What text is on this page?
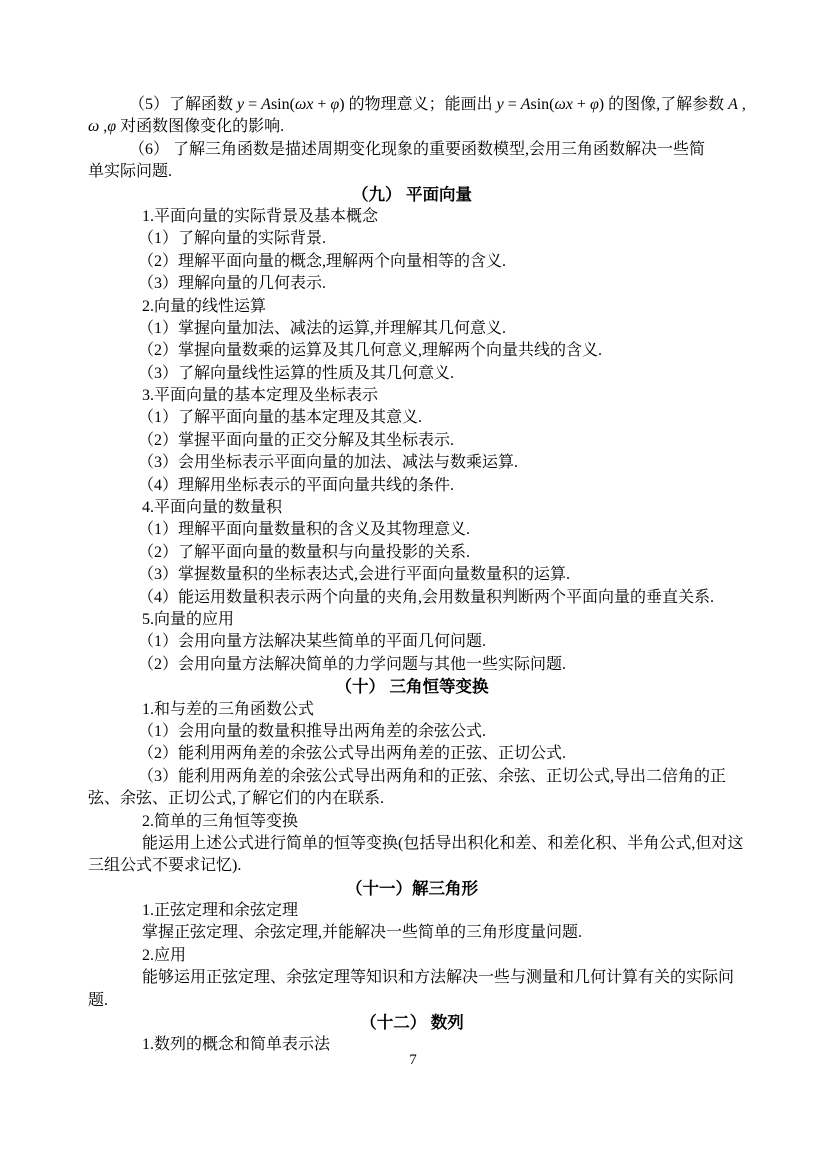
（5）了解函数 y = Asin(ωx + φ) 的物理意义；能画出 y = Asin(ωx + φ) 的图像,了解参数 A ,
ω ,φ 对函数图像变化的影响.
（6） 了解三角函数是描述周期变化现象的重要函数模型,会用三角函数解决一些简
单实际问题.
（九） 平面向量
1.平面向量的实际背景及基本概念
（1）了解向量的实际背景.
（2）理解平面向量的概念,理解两个向量相等的含义.
（3）理解向量的几何表示.
2.向量的线性运算
（1）掌握向量加法、减法的运算,并理解其几何意义.
（2）掌握向量数乘的运算及其几何意义,理解两个向量共线的含义.
（3）了解向量线性运算的性质及其几何意义.
3.平面向量的基本定理及坐标表示
（1）了解平面向量的基本定理及其意义.
（2）掌握平面向量的正交分解及其坐标表示.
（3）会用坐标表示平面向量的加法、减法与数乘运算.
（4）理解用坐标表示的平面向量共线的条件.
4.平面向量的数量积
（1）理解平面向量数量积的含义及其物理意义.
（2）了解平面向量的数量积与向量投影的关系.
（3）掌握数量积的坐标表达式,会进行平面向量数量积的运算.
（4）能运用数量积表示两个向量的夹角,会用数量积判断两个平面向量的垂直关系.
5.向量的应用
（1）会用向量方法解决某些简单的平面几何问题.
（2）会用向量方法解决简单的力学问题与其他一些实际问题.
（十） 三角恒等变换
1.和与差的三角函数公式
（1）会用向量的数量积推导出两角差的余弦公式.
（2）能利用两角差的余弦公式导出两角差的正弦、正切公式.
（3）能利用两角差的余弦公式导出两角和的正弦、余弦、正切公式,导出二倍角的正
弦、余弦、正切公式,了解它们的内在联系.
2.简单的三角恒等变换
能运用上述公式进行简单的恒等变换(包括导出积化和差、和差化积、半角公式,但对这
三组公式不要求记忆).
（十一）解三角形
1.正弦定理和余弦定理
掌握正弦定理、余弦定理,并能解决一些简单的三角形度量问题.
2.应用
能够运用正弦定理、余弦定理等知识和方法解决一些与测量和几何计算有关的实际问
题.
（十二） 数列
1.数列的概念和简单表示法
7
